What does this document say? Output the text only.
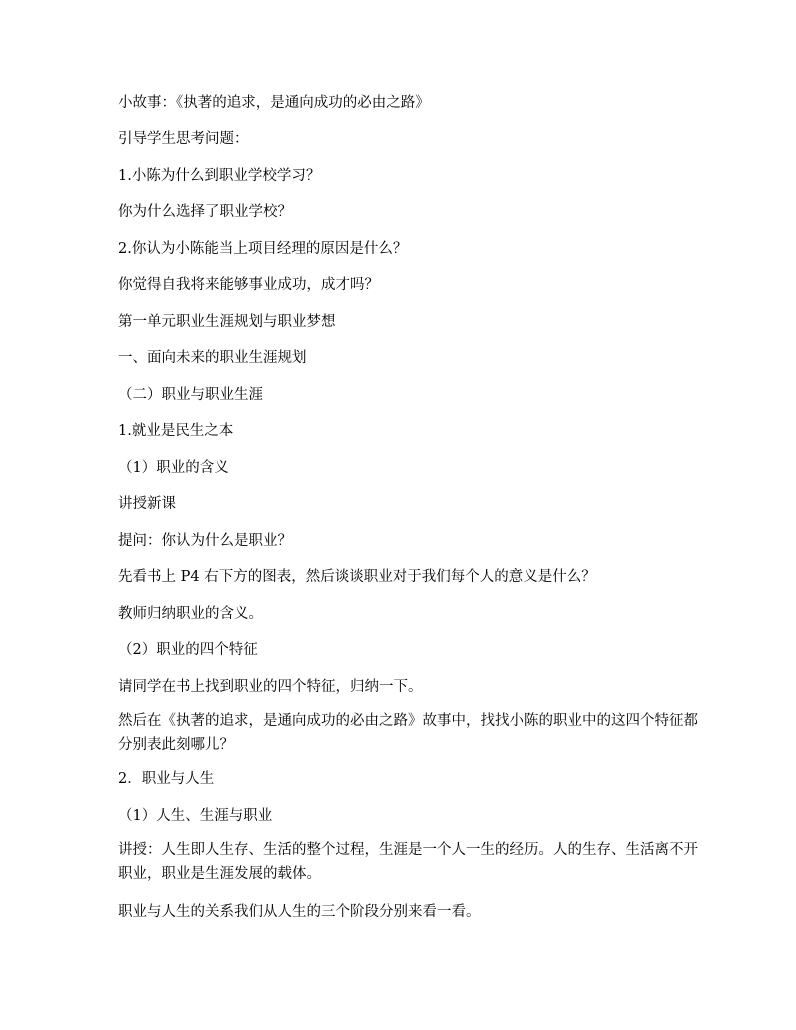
小故事：《执著的追求，是通向成功的必由之路》
引导学生思考问题：
1.小陈为什么到职业学校学习？
你为什么选择了职业学校？
2.你认为小陈能当上项目经理的原因是什么？
你觉得自我将来能够事业成功，成才吗？
第一单元职业生涯规划与职业梦想
一、面向未来的职业生涯规划
（二）职业与职业生涯
1.就业是民生之本
（1）职业的含义
讲授新课
提问：你认为什么是职业？
先看书上 P4 右下方的图表，然后谈谈职业对于我们每个人的意义是什么？
教师归纳职业的含义。
（2）职业的四个特征
请同学在书上找到职业的四个特征，归纳一下。
然后在《执著的追求，是通向成功的必由之路》故事中，找找小陈的职业中的这四个特征都分别表此刻哪儿？
2．职业与人生
（1）人生、生涯与职业
讲授：人生即人生存、生活的整个过程，生涯是一个人一生的经历。人的生存、生活离不开职业，职业是生涯发展的载体。
职业与人生的关系我们从人生的三个阶段分别来看一看。
